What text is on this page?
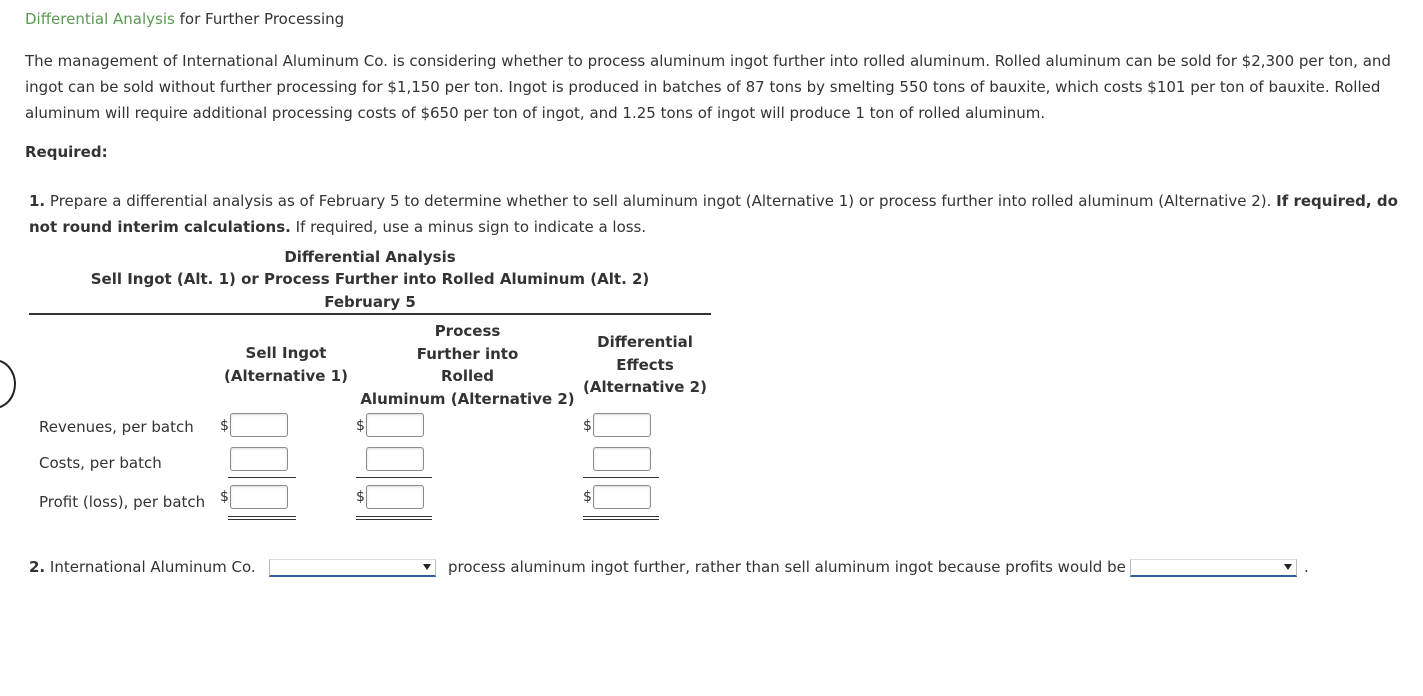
Differential Analysis for Further Processing
The management of International Aluminum Co. is considering whether to process aluminum ingot further into rolled aluminum. Rolled aluminum can be sold for $2,300 per ton, and ingot can be sold without further processing for $1,150 per ton. Ingot is produced in batches of 87 tons by smelting 550 tons of bauxite, which costs $101 per ton of bauxite. Rolled aluminum will require additional processing costs of $650 per ton of ingot, and 1.25 tons of ingot will produce 1 ton of rolled aluminum.
Required:
1. Prepare a differential analysis as of February 5 to determine whether to sell aluminum ingot (Alternative 1) or process further into rolled aluminum (Alternative 2). If required, do not round interim calculations. If required, use a minus sign to indicate a loss.
Differential Analysis
Sell Ingot (Alt. 1) or Process Further into Rolled Aluminum (Alt. 2)
February 5
Sell Ingot
(Alternative 1)
Process
Further into
Rolled
Aluminum (Alternative 2)
Differential
Effects
(Alternative 2)
Revenues, per batch
Costs, per batch
Profit (loss), per batch
$
$
$
$
$
$
2. International Aluminum Co.	process aluminum ingot further, rather than sell aluminum ingot because profits would be	.
